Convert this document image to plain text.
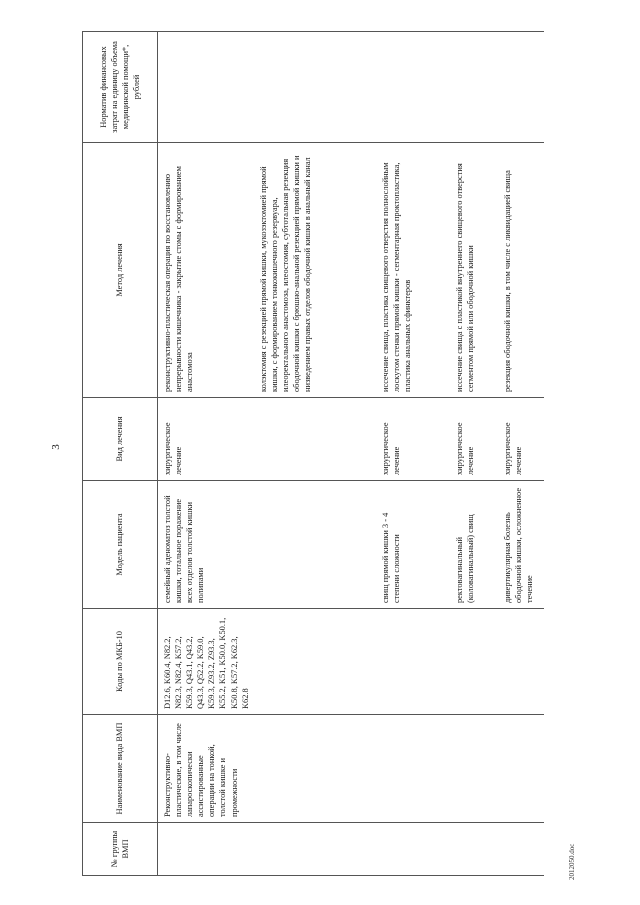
3
2012050.doc
№ группы ВМП	Наименование вида ВМП	Коды по МКБ-10	Модель пациента	Вид лечения	Метод лечения	Норматив финансовых затрат на единицу объема медицинской помощи*, рублей
	Реконструктивно-пластические, в том числе лапароскопически ассистированные операции на тонкой, толстой кишке и промежности	D12.6, K60.4, N82.2, N82.3, N82.4, K57.2, K59.3, Q43.1, Q43.2, Q43.3, Q52.2, K59.0, K59.3, Z93.2, Z93.3, K55.2, K51, K50.0, K50.1, K50.8, K57.2, K62.3, K62.8	семейный аденоматоз толстой кишки, тотальное поражение всех отделов толстой кишки полипами	хирургическое лечение	реконструктивно-пластическая операция по восстановлению непрерывности кишечника - закрытие стомы с формированием анастомоза	
					колэктомия с резекцией прямой кишки, мукозэктомией прямой кишки, с формированием тонкокишечного резервуара, илеоректального анастомоза, илеостомия, субтотальная резекция ободочной кишки с брюшно-анальной резекцией прямой кишки и низведением правых отделов ободочной кишки в анальный канал	
			свищ прямой кишки 3 - 4 степени сложности	хирургическое лечение	иссечение свища, пластика свищевого отверстия полнослойным лоскутом стенки прямой кишки - сегментарная проктопластика, пластика анальных сфинктеров	
			ректовагинальный (коловагинальный) свищ	хирургическое лечение	иссечение свища с пластикой внутреннего свищевого отверстия сегментом прямой или ободочной кишки	
			дивертикулярная болезнь ободочной кишки, осложненное течение	хирургическое лечение	резекция ободочной кишки, в том числе с ликвидацией свища	
